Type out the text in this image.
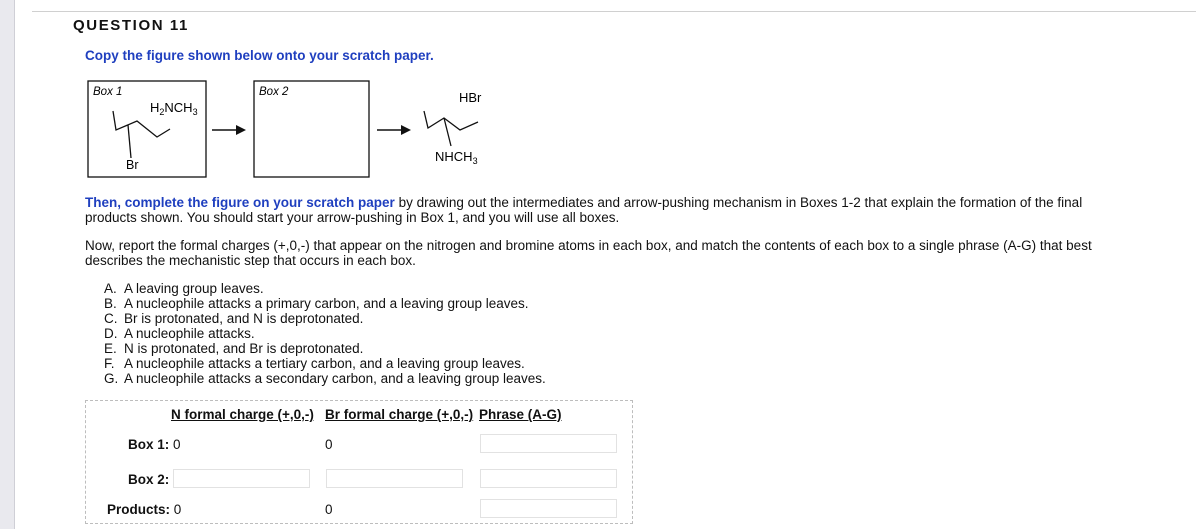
QUESTION 11
Copy the figure shown below onto your scratch paper.
Box 1
$H_2NCH_3$
Br
Box 2	HBr
$NHCH_3$
Then, complete the figure on your scratch paper by drawing out the intermediates and arrow-pushing mechanism in Boxes 1-2 that explain the formation of the final
products shown. You should start your arrow-pushing in Box 1, and you will use all boxes.
Now, report the formal charges (+,0,-) that appear on the nitrogen and bromine atoms in each box, and match the contents of each box to a single phrase (A-G) that best
describes the mechanistic step that occurs in each box.
A. A leaving group leaves.
B. A nucleophile attacks a primary carbon, and a leaving group leaves.
C. Br is protonated, and N is deprotonated.
D. A nucleophile attacks.
E. N is protonated, and Br is deprotonated.
F. A nucleophile attacks a tertiary carbon, and a leaving group leaves.
G. A nucleophile attacks a secondary carbon, and a leaving group leaves.
N formal charge (+,0,-) Br formal charge (+,0,-) Phrase (A-G)
Box 1: 0	0
Box 2:
Products: 0	0
